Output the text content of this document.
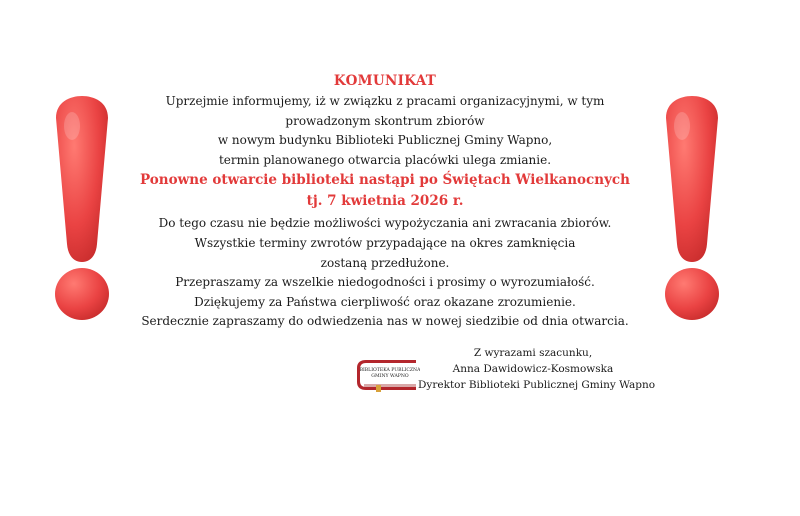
KOMUNIKAT

Uprzejmie informujemy, iż w związku z pracami organizacyjnymi, w tym

prowadzonym skontrum zbiorów

w nowym budynku Biblioteki Publicznej Gminy Wapno,

termin planowanego otwarcia placówki ulega zmianie.

Ponowne otwarcie biblioteki nastąpi po Świętach Wielkanocnych
tj. 7 kwietnia 2026 r.

Do tego czasu nie będzie możliwości wypożyczania ani zwracania zbiorów.

Wszystkie terminy zwrotów przypadające na okres zamknięcia

zostaną przedłużone.

Przepraszamy za wszelkie niedogodności i prosimy o wyrozumiałość.

Dziękujemy za Państwa cierpliwość oraz okazane zrozumienie.

Serdecznie zapraszamy do odwiedzenia nas w nowej siedzibie od dnia otwarcia.

BIBLIOTEKA PUBLICZNA
GMINY WAPNO
Z wyrazami szacunku,
Anna Dawidowicz-Kosmowska
Dyrektor Biblioteki Publicznej Gminy Wapno
